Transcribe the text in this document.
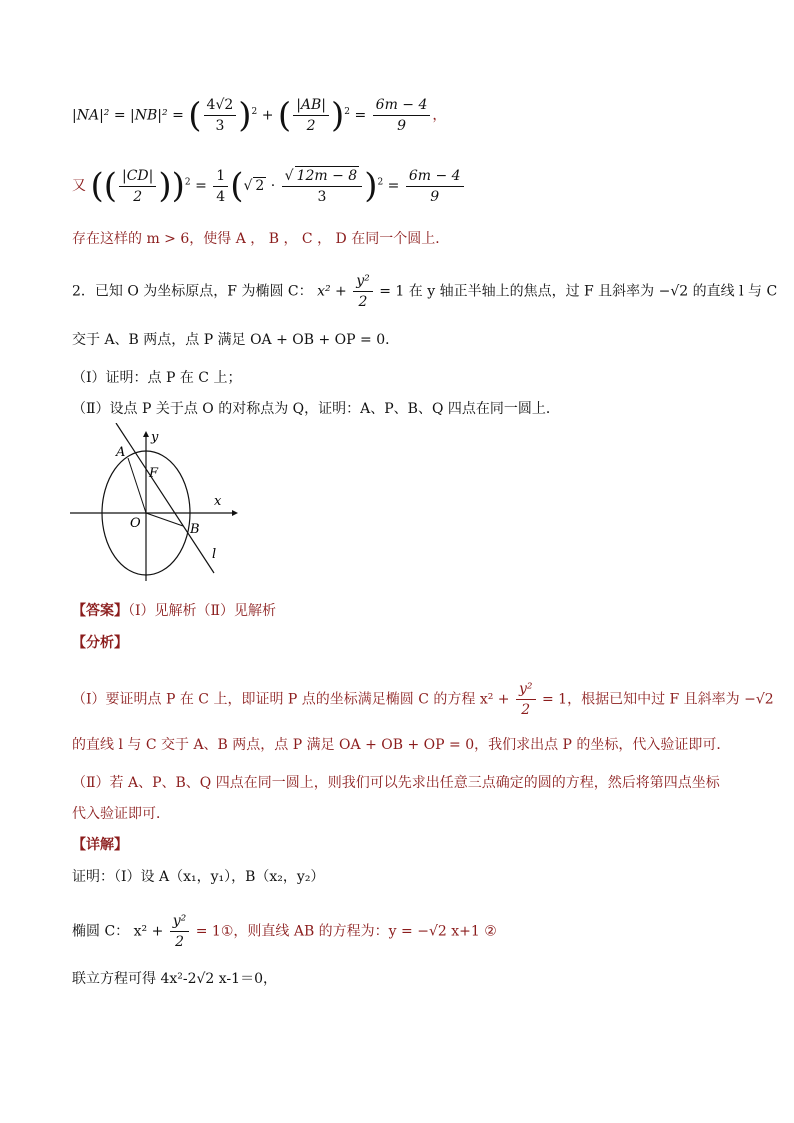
|NA|² = |NB|² = ( $\frac{4√2}{3} )^2$ + ( $\frac{|AB|}{2} )^2 = \frac{6m - 4}{9}$ ，
又 (( $\frac{|CD|}{2} ))^2 = \frac{1}{4}$ (√ $2 \cdot \frac{√ 12m - 8}{3} )^2 = \frac{6m - 4}{9}$
存在这样的 m > 6，使得 A ， B ， C ， D 在同一个圆上．
2．已知 O 为坐标原点，F 为椭圆 C： $x^2 + \frac{\text{y²}}{2} = 1$ 在 y 轴正半轴上的焦点，过 F 且斜率为 −√2 的直线 l 与 C
交于 A、B 两点，点 P 满足 OA + OB + OP = 0．
（Ⅰ）证明：点 P 在 C 上；
（Ⅱ）设点 P 关于点 O 的对称点为 Q，证明：A、P、B、Q 四点在同一圆上．
A
F
y
x
O	B
l
【答案】（Ⅰ）见解析（Ⅱ）见解析
【分析】
（Ⅰ）要证明点 P 在 C 上，即证明 P 点的坐标满足椭圆 C 的方程 $x^2 + \frac{\text{y²}}{2} = 1$，根据已知中过 F 且斜率为 −√2
的直线 l 与 C 交于 A、B 两点，点 P 满足 OA + OB + OP = 0，我们求出点 P 的坐标，代入验证即可．
（Ⅱ）若 A、P、B、Q 四点在同一圆上，则我们可以先求出任意三点确定的圆的方程，然后将第四点坐标
代入验证即可．
【详解】
证明：（Ⅰ）设 A（x₁，y₁），B（x₂，y₂）
椭圆 C： $x^2 + \frac{\text{y²}}{2}$ = 1①，则直线 AB 的方程为：y = −√2 x+1 ②
联立方程可得 4x²-2√2 x-1＝0，
